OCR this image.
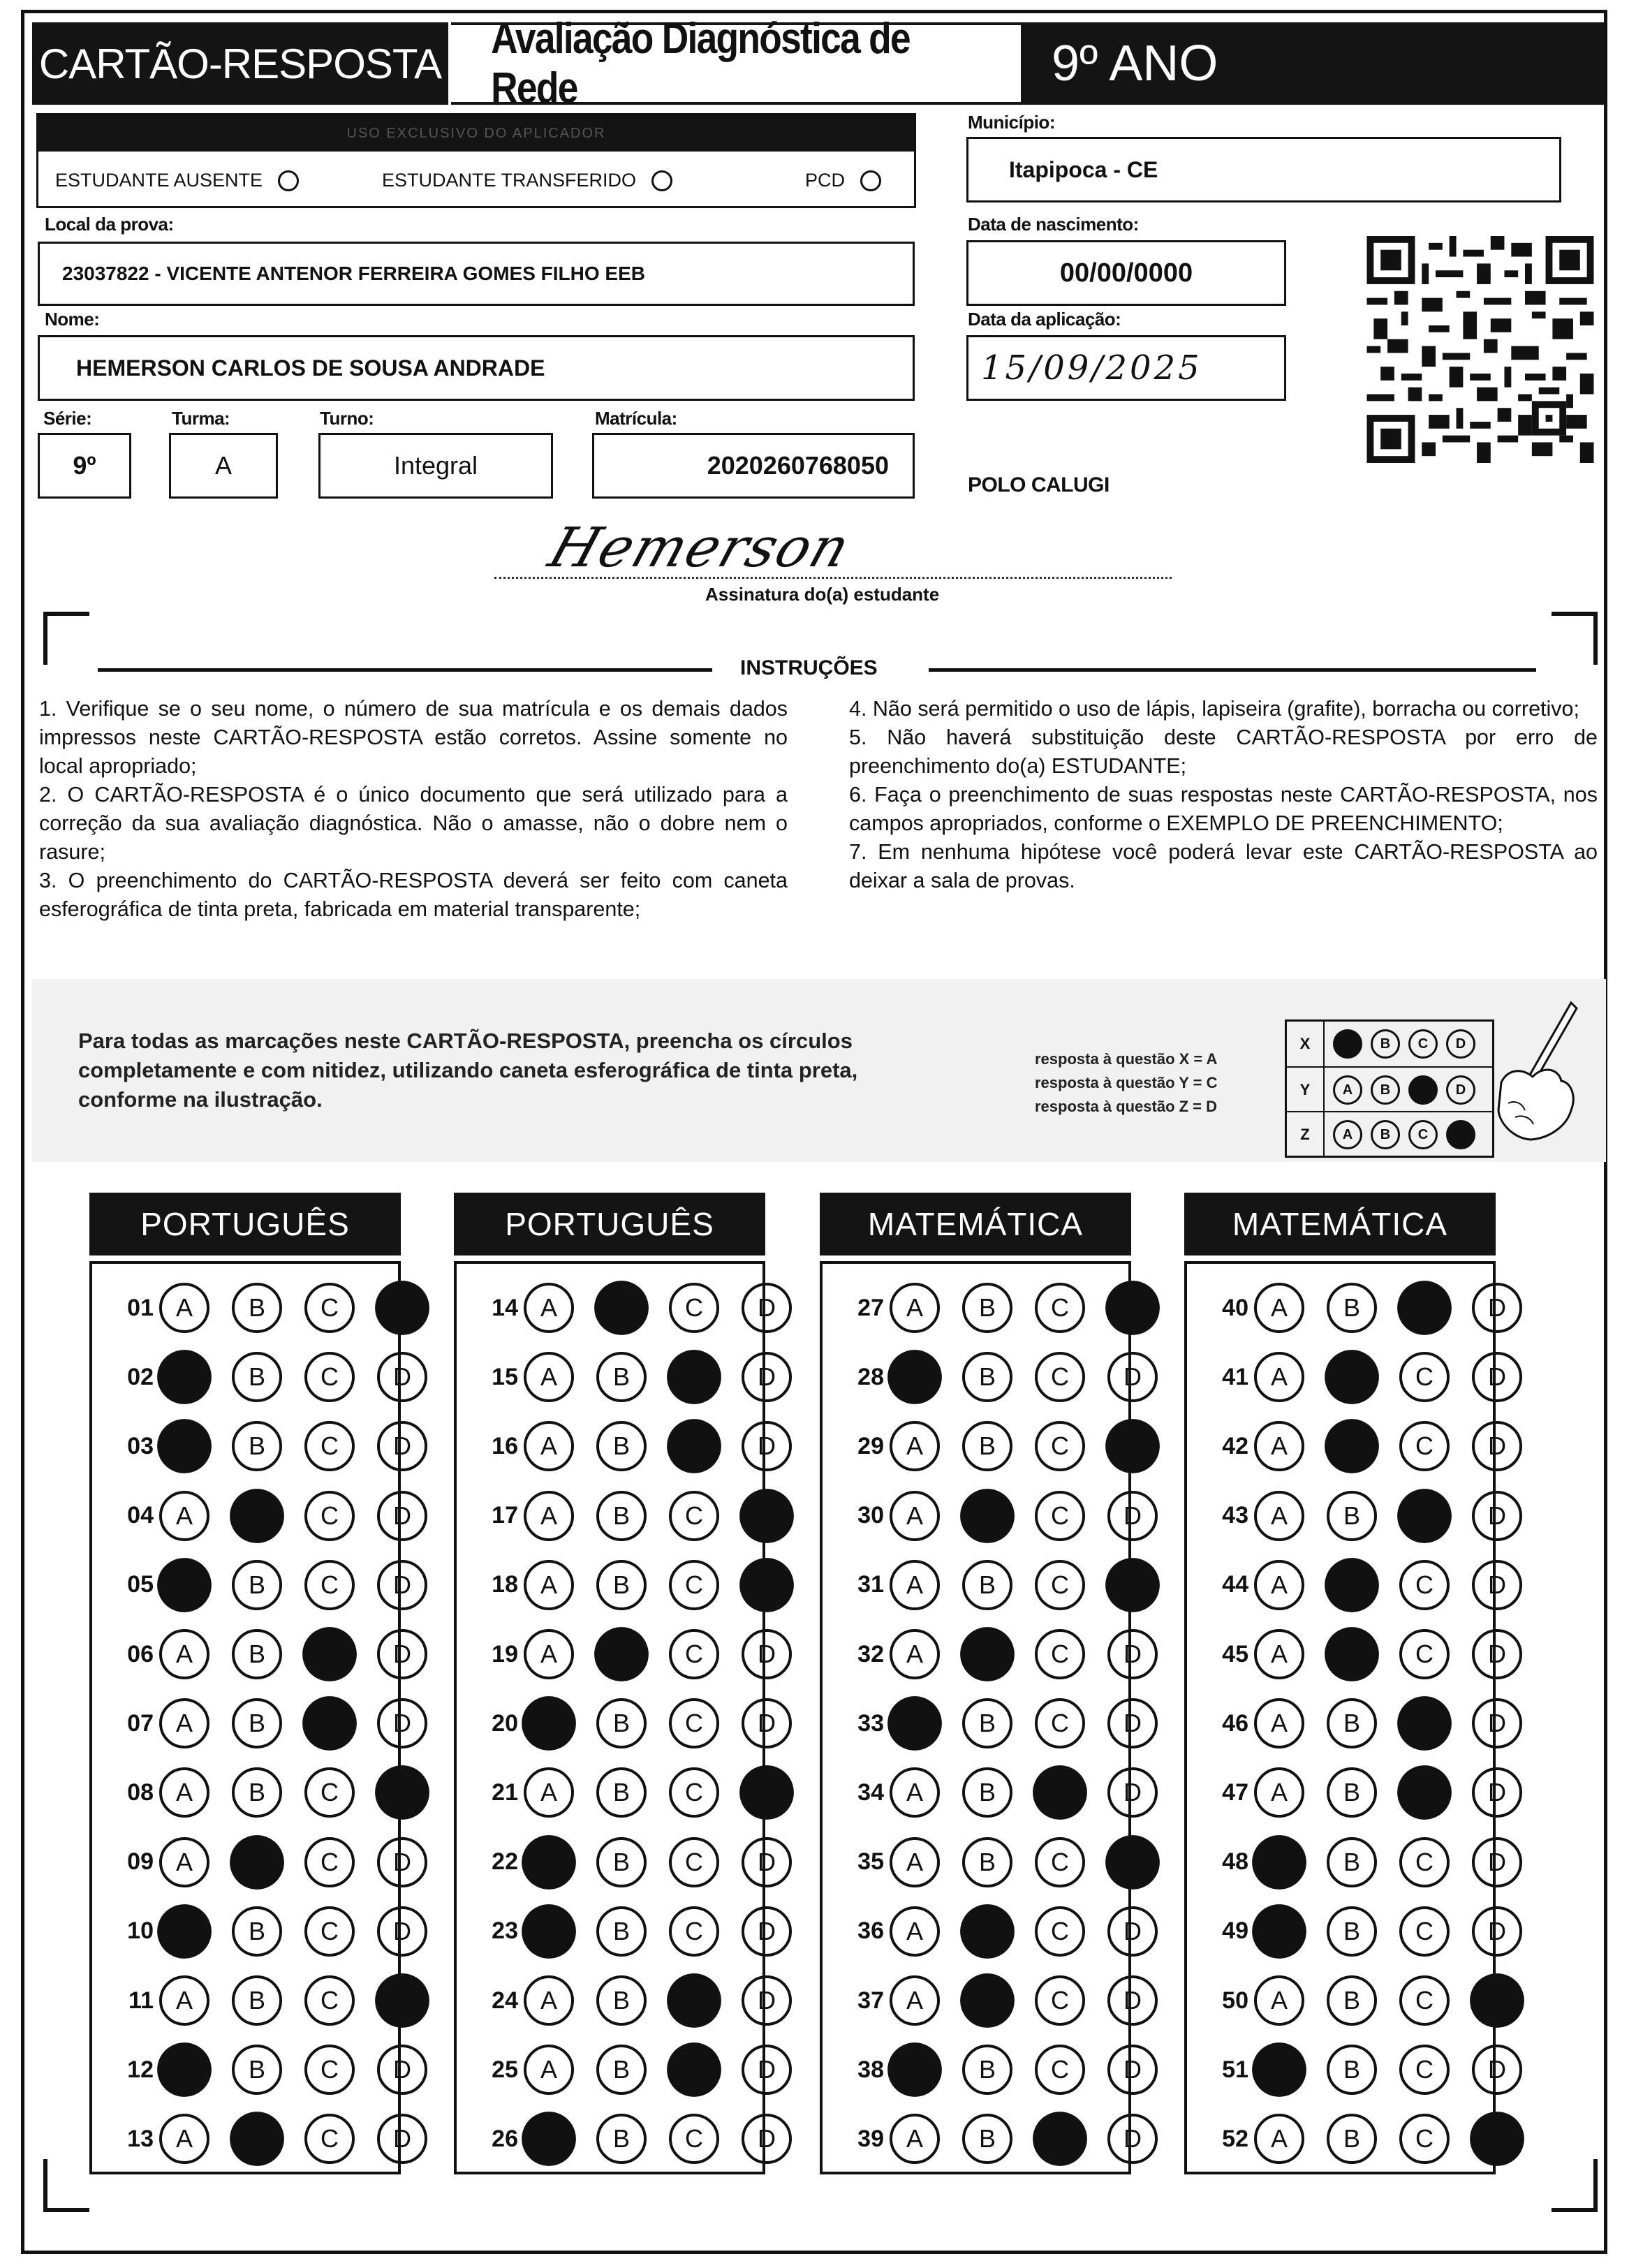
CARTÃO-RESPOSTA
Avaliação Diagnóstica de Rede	9º ANO
USO EXCLUSIVO DO APLICADOR
ESTUDANTE AUSENTE	ESTUDANTE TRANSFERIDO	PCD
Município:
Itapipoca - CE
Local da prova:
23037822 - VICENTE ANTENOR FERREIRA GOMES FILHO EEB
Data de nascimento:
00/00/0000
Nome:
HEMERSON CARLOS DE SOUSA ANDRADE
Data da aplicação:
15/09/2025
Série:
9º
Turma:
A
Turno:
Integral
Matrícula:
2020260768050
POLO CALUGI
Hemerson
Assinatura do(a) estudante
INSTRUÇÕES

1. Verifique se o seu nome, o número de sua matrícula e os demais dados impressos neste CARTÃO-RESPOSTA estão corretos. Assine somente no local apropriado;

2. O CARTÃO-RESPOSTA é o único documento que será utilizado para a correção da sua avaliação diagnóstica. Não o amasse, não o dobre nem o rasure;

3. O preenchimento do CARTÃO-RESPOSTA deverá ser feito com caneta esferográfica de tinta preta, fabricada em material transparente;

4. Não será permitido o uso de lápis, lapiseira (grafite), borracha ou corretivo;

5. Não haverá substituição deste CARTÃO-RESPOSTA por erro de preenchimento do(a) ESTUDANTE;

6. Faça o preenchimento de suas respostas neste CARTÃO-RESPOSTA, nos campos apropriados, conforme o EXEMPLO DE PREENCHIMENTO;

7. Em nenhuma hipótese você poderá levar este CARTÃO-RESPOSTA ao deixar a sala de provas.

Para todas as marcações neste CARTÃO-RESPOSTA, preencha os círculos completamente e com nitidez, utilizando caneta esferográfica de tinta preta, conforme na ilustração.
resposta à questão X = A
resposta à questão Y = C
resposta à questão Z = D
X	A	B	C	D
Y	A	B	C	D
Z	A	B	C	D
PORTUGUÊS
01 A	B	C	D
02 A	B	C	D
03 A	B	C	D
04 A	B	C	D
05 A	B	C	D
06 A	B	C	D
07 A	B	C	D
08 A	B	C	D
09 A	B	C	D
10 A	B	C	D
11 A	B	C	D
12 A	B	C	D
13 A	B	C	D
PORTUGUÊS
14 A	B	C	D
15 A	B	C	D
16 A	B	C	D
17 A	B	C	D
18 A	B	C	D
19 A	B	C	D
20 A	B	C	D
21 A	B	C	D
22 A	B	C	D
23 A	B	C	D
24 A	B	C	D
25 A	B	C	D
26 A	B	C	D
MATEMÁTICA
27 A	B	C	D
28 A	B	C	D
29 A	B	C	D
30 A	B	C	D
31 A	B	C	D
32 A	B	C	D
33 A	B	C	D
34 A	B	C	D
35 A	B	C	D
36 A	B	C	D
37 A	B	C	D
38 A	B	C	D
39 A	B	C	D
MATEMÁTICA
40 A	B	C	D
41 A	B	C	D
42 A	B	C	D
43 A	B	C	D
44 A	B	C	D
45 A	B	C	D
46 A	B	C	D
47 A	B	C	D
48 A	B	C	D
49 A	B	C	D
50 A	B	C	D
51 A	B	C	D
52 A	B	C	D
